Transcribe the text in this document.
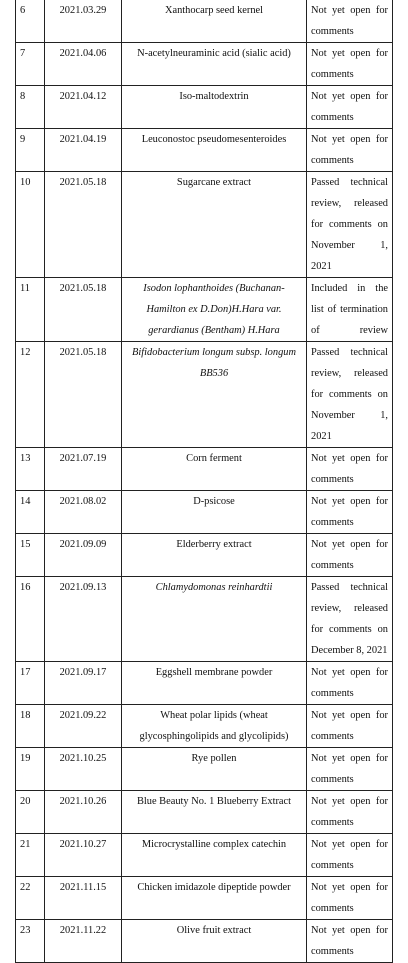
6	2021.03.29	Xanthocarp seed kernel	Not yet open for comments
7	2021.04.06	N-acetylneuraminic acid (sialic acid)	Not yet open for comments
8	2021.04.12	Iso-maltodextrin	Not yet open for comments
9	2021.04.19	Leuconostoc pseudomesenteroides	Not yet open for comments
10	2021.05.18	Sugarcane extract	Passed technical review, released for comments on November 1, 2021
11	2021.05.18	Isodon lophanthoides (Buchanan-Hamilton ex D.Don)H.Hara var. gerardianus (Bentham) H.Hara	Included in the list of termination of review
12	2021.05.18	Bifidobacterium longum subsp. longum BB536	Passed technical review, released for comments on November 1, 2021
13	2021.07.19	Corn ferment	Not yet open for comments
14	2021.08.02	D-psicose	Not yet open for comments
15	2021.09.09	Elderberry extract	Not yet open for comments
16	2021.09.13	Chlamydomonas reinhardtii	Passed technical review, released for comments on December 8, 2021
17	2021.09.17	Eggshell membrane powder	Not yet open for comments
18	2021.09.22	Wheat polar lipids (wheat glycosphingolipids and glycolipids)	Not yet open for comments
19	2021.10.25	Rye pollen	Not yet open for comments
20	2021.10.26	Blue Beauty No. 1 Blueberry Extract	Not yet open for comments
21	2021.10.27	Microcrystalline complex catechin	Not yet open for comments
22	2021.11.15	Chicken imidazole dipeptide powder	Not yet open for comments
23	2021.11.22	Olive fruit extract	Not yet open for comments
